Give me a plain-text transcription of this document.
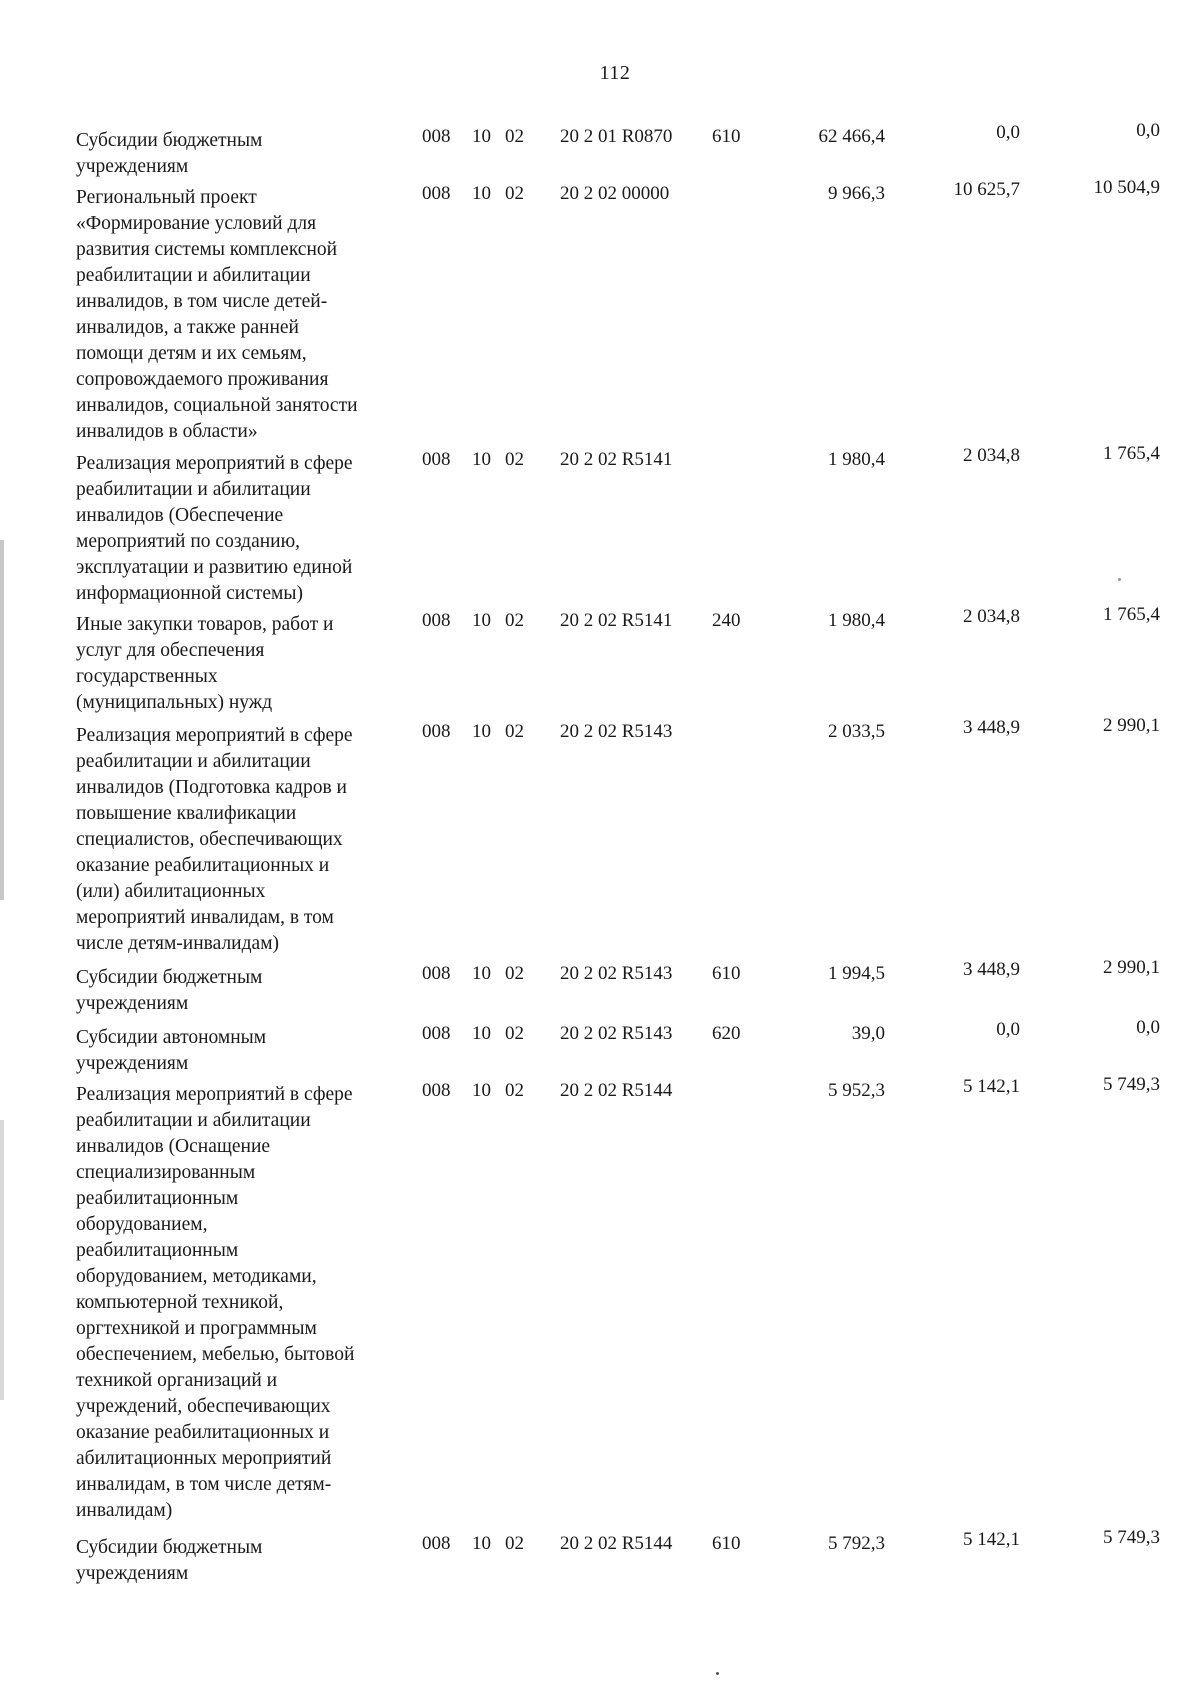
112
Субсидии бюджетным
учреждениям
008 10 02 20 2 01 R0870 610	62 466,4	0,0	0,0
Региональный проект
«Формирование условий для
развития системы комплексной
реабилитации и абилитации
инвалидов, в том числе детей-
инвалидов, а также ранней
помощи детям и их семьям,
сопровождаемого проживания
инвалидов, социальной занятости
инвалидов в области»
008 10 02 20 2 02 00000	9 966,3	10 625,7	10 504,9
Реализация мероприятий в сфере
реабилитации и абилитации
инвалидов (Обеспечение
мероприятий по созданию,
эксплуатации и развитию единой
информационной системы)
008 10 02 20 2 02 R5141	1 980,4	2 034,8	1 765,4
Иные закупки товаров, работ и
услуг для обеспечения
государственных
(муниципальных) нужд
008 10 02 20 2 02 R5141 240	1 980,4	2 034,8	1 765,4
Реализация мероприятий в сфере
реабилитации и абилитации
инвалидов (Подготовка кадров и
повышение квалификации
специалистов, обеспечивающих
оказание реабилитационных и
(или) абилитационных
мероприятий инвалидам, в том
числе детям-инвалидам)
008 10 02 20 2 02 R5143	2 033,5	3 448,9	2 990,1
Субсидии бюджетным
учреждениям
008 10 02 20 2 02 R5143 610	1 994,5	3 448,9	2 990,1
Субсидии автономным
учреждениям
008 10 02 20 2 02 R5143 620	39,0	0,0	0,0
Реализация мероприятий в сфере
реабилитации и абилитации
инвалидов (Оснащение
специализированным
реабилитационным
оборудованием,
реабилитационным
оборудованием, методиками,
компьютерной техникой,
оргтехникой и программным
обеспечением, мебелью, бытовой
техникой организаций и
учреждений, обеспечивающих
оказание реабилитационных и
абилитационных мероприятий
инвалидам, в том числе детям-
инвалидам)
008 10 02 20 2 02 R5144	5 952,3	5 142,1	5 749,3
Субсидии бюджетным
учреждениям
008 10 02 20 2 02 R5144 610	5 792,3	5 142,1	5 749,3
